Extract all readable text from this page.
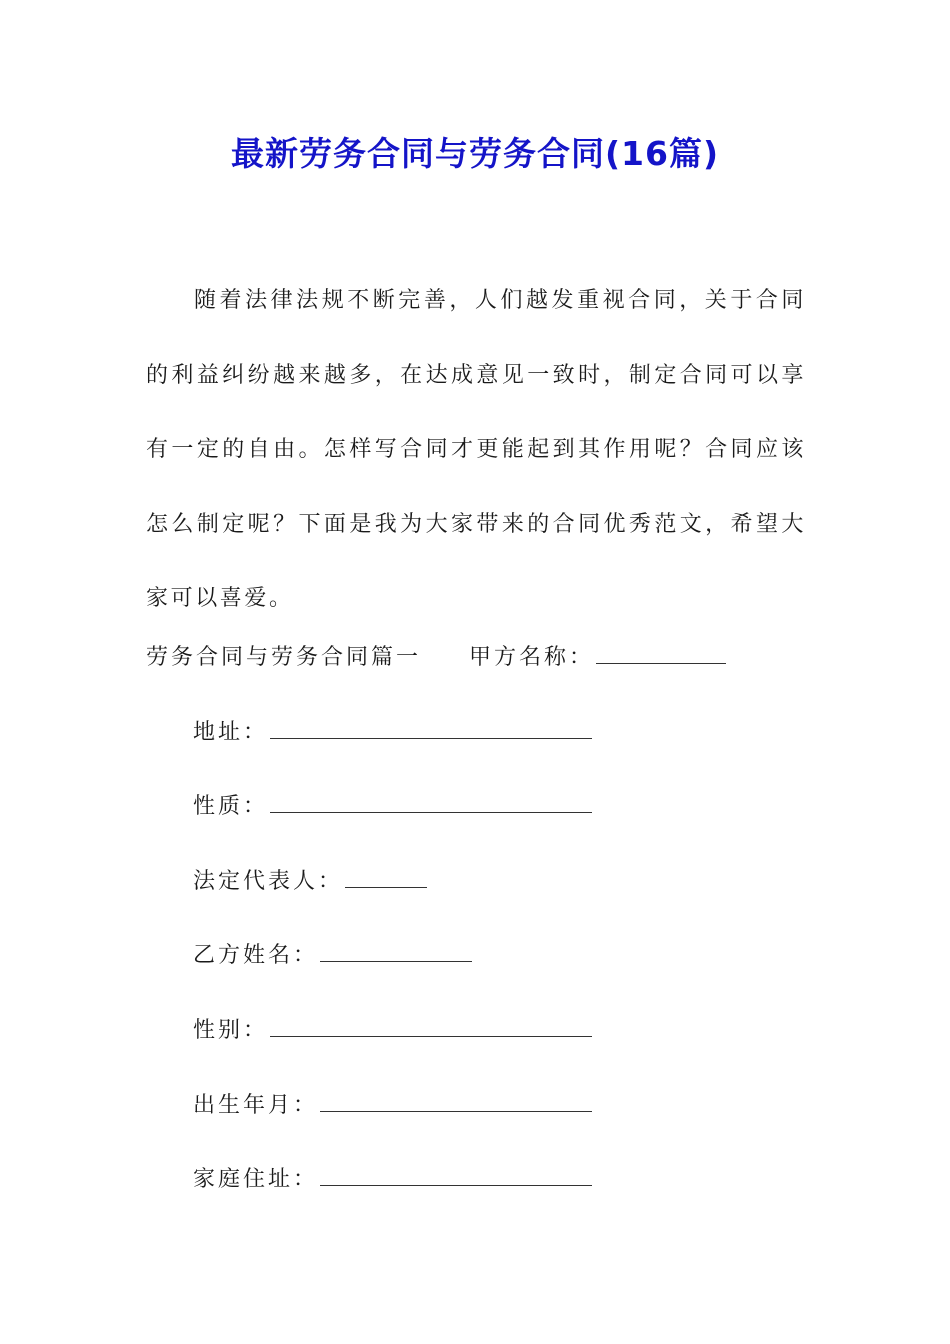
最新劳务合同与劳务合同(16篇)

随着法律法规不断完善，人们越发重视合同，关于合同的利益纠纷越来越多，在达成意见一致时，制定合同可以享有一定的自由。怎样写合同才更能起到其作用呢？合同应该怎么制定呢？下面是我为大家带来的合同优秀范文，希望大家可以喜爱。

劳务合同与劳务合同篇一 甲方名称：
地址：
性质：
法定代表人：
乙方姓名：
性别：
出生年月：
家庭住址：
